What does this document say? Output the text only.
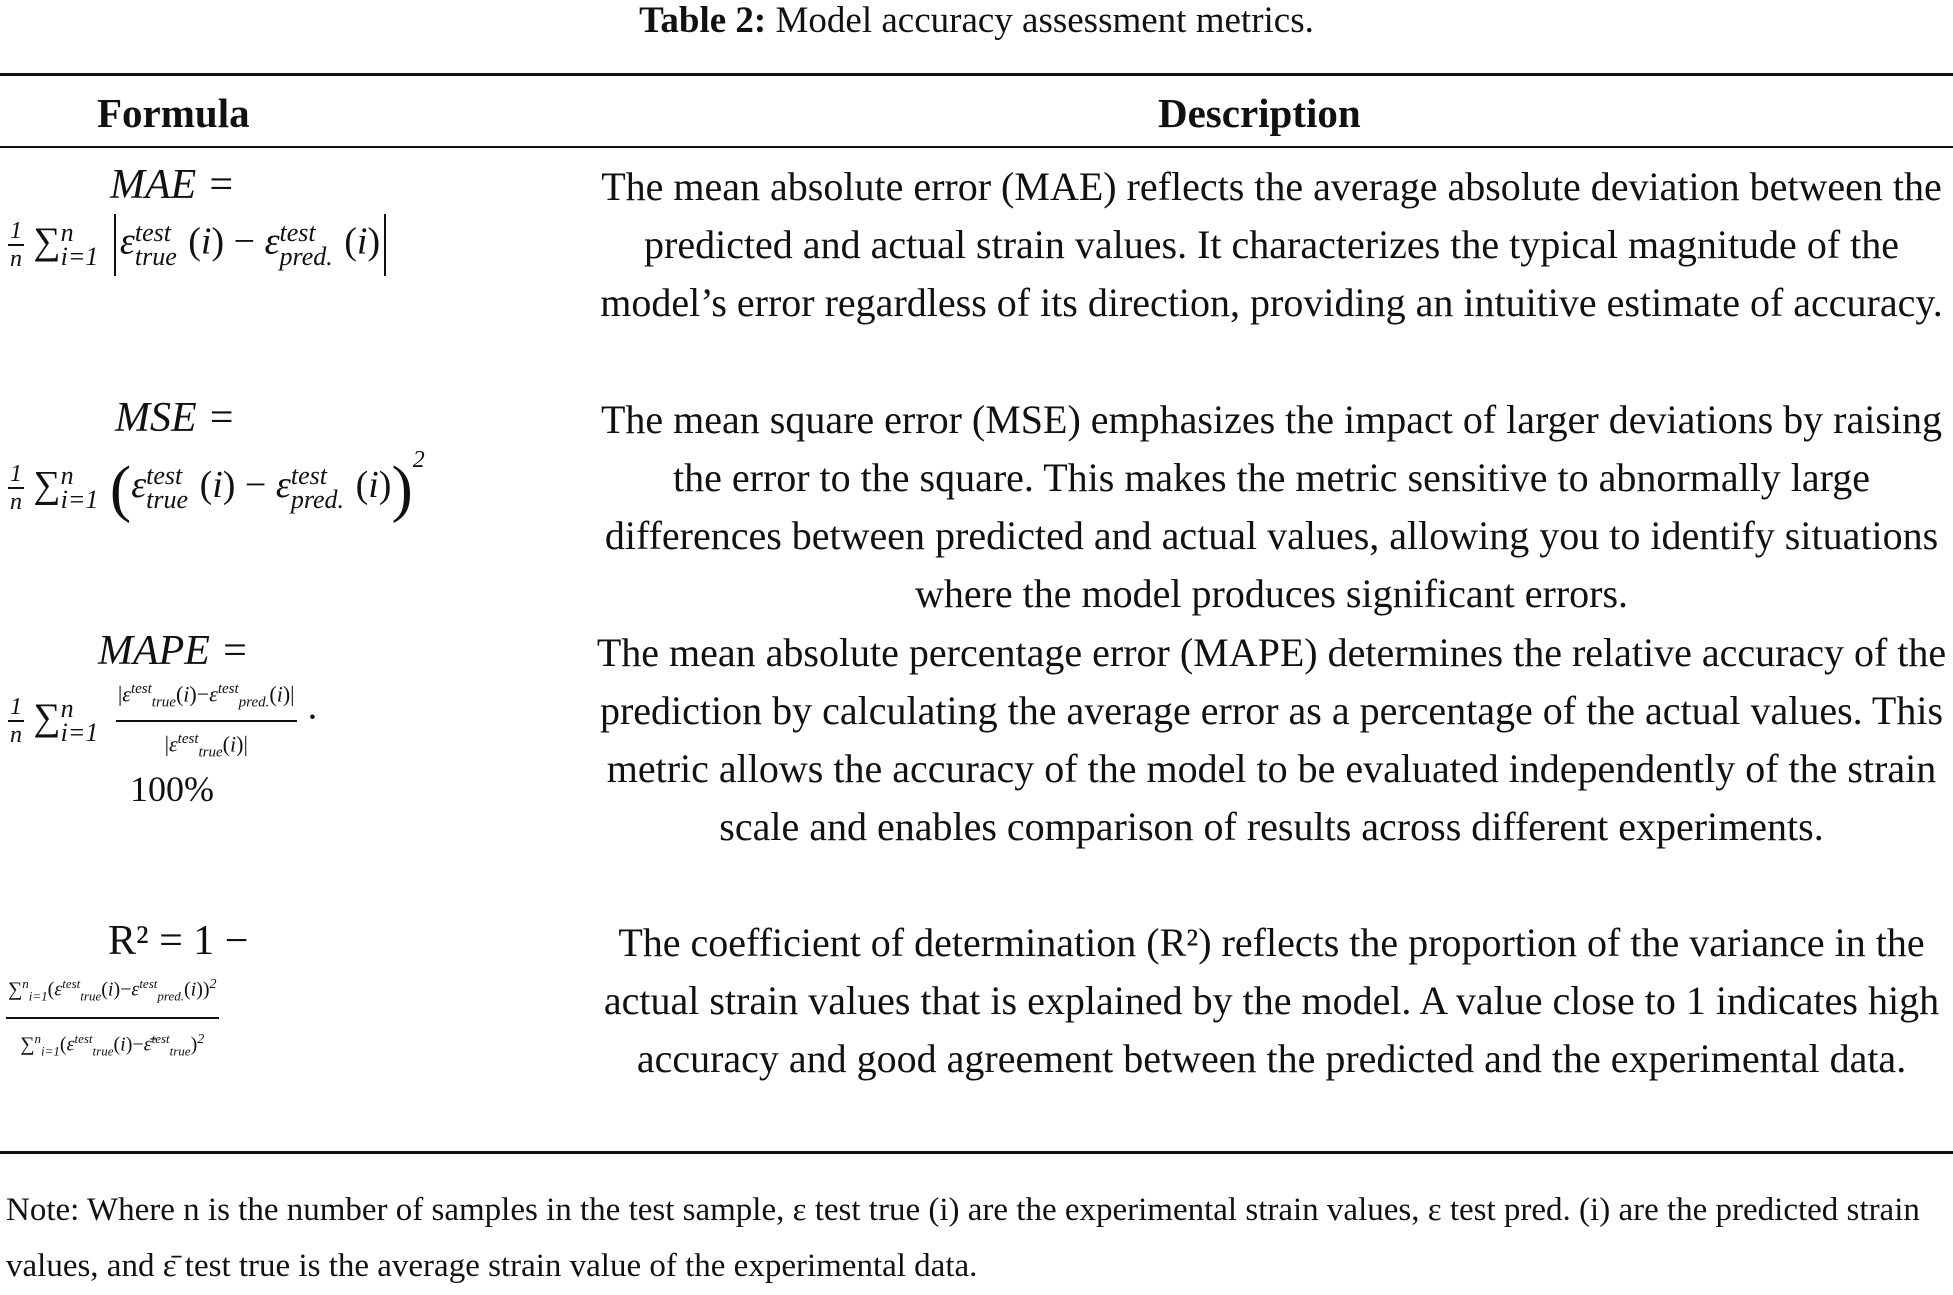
Table 2: Model accuracy assessment metrics.
Formula	Description
MAE =
$\frac{1}{n}$ ∑ n
i=1 ε test
true (i) − ε test
pred. (i)
The mean absolute error (MAE) reflects the average absolute deviation between the predicted and actual strain values. It characterizes the typical magnitude of the model’s error regardless of its direction, providing an intuitive estimate of accuracy.
MSE =
$\frac{1}{n}$ ∑ n
i=1 (ε test
true (i) − ε test
pred. (i))$^2$
The mean square error (MSE) emphasizes the impact of larger deviations by raising the error to the square. This makes the metric sensitive to abnormally large differences between predicted and actual values, allowing you to identify situations where the model produces significant errors.
MAPE =
$\frac{1}{n}$ ∑ n
i=1
$\frac{|\varepsilon^{test}_{true}(i)-\varepsilon^{test}_{pred.}(i)|}{|\varepsilon^{test}_{true}(i)|}$ ·
100%
The mean absolute percentage error (MAPE) determines the relative accuracy of the prediction by calculating the average error as a percentage of the actual values. This metric allows the accuracy of the model to be evaluated independently of the strain scale and enables comparison of results across different experiments.
R² = 1 −
$\frac{\sum^n_{i=1}(\varepsilon^{test}_{true}(i)-\varepsilon^{test}_{pred.}(i))^2}{\sum^n_{i=1}(\varepsilon^{test}_{true}(i)-\varepsilon̄^{test}_{true})^2}$
The coefficient of determination (R²) reflects the proportion of the variance in the actual strain values that is explained by the model. A value close to 1 indicates high accuracy and good agreement between the predicted and the experimental data.
Note: Where n is the number of samples in the test sample, ε test true (i) are the experimental strain values, ε test pred. (i) are the predicted strain values, and ε̄ test true is the average strain value of the experimental data.
